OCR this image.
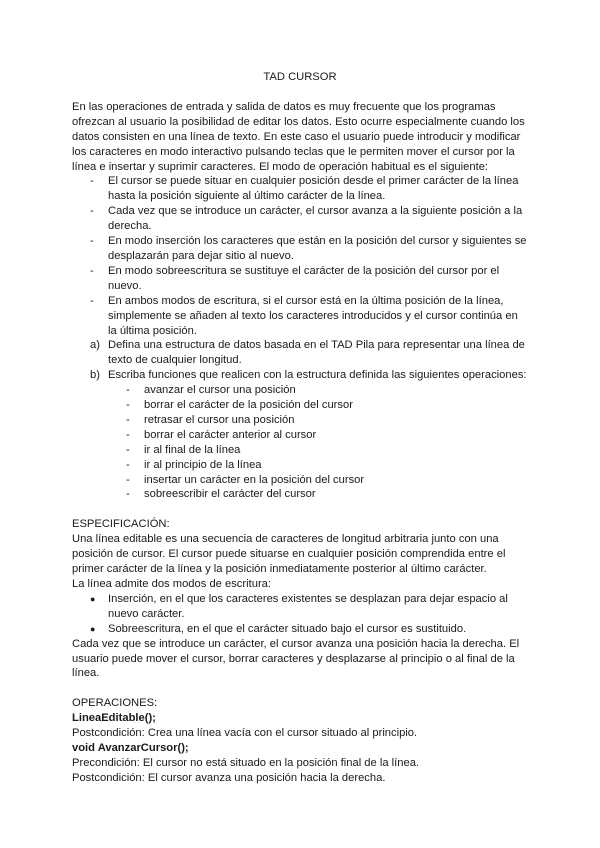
TAD CURSOR

En las operaciones de entrada y salida de datos es muy frecuente que los programas ofrezcan al usuario la posibilidad de editar los datos. Esto ocurre especialmente cuando los datos consisten en una línea de texto. En este caso el usuario puede introducir y modificar los caracteres en modo interactivo pulsando teclas que le permiten mover el cursor por la línea e insertar y suprimir caracteres. El modo de operación habitual es el siguiente:

- El cursor se puede situar en cualquier posición desde el primer carácter de la línea hasta la posición siguiente al último carácter de la línea.
- Cada vez que se introduce un carácter, el cursor avanza a la siguiente posición a la derecha.
- En modo inserción los caracteres que están en la posición del cursor y siguientes se desplazarán para dejar sitio al nuevo.
- En modo sobreescritura se sustituye el carácter de la posición del cursor por el nuevo.
- En ambos modos de escritura, si el cursor está en la última posición de la línea, simplemente se añaden al texto los caracteres introducidos y el cursor continúa en la última posición.
a) Defina una estructura de datos basada en el TAD Pila para representar una línea de texto de cualquier longitud.
b) Escriba funciones que realicen con la estructura definida las siguientes operaciones:
- avanzar el cursor una posición
- borrar el carácter de la posición del cursor
- retrasar el cursor una posición
- borrar el carácter anterior al cursor
- ir al final de la línea
- ir al principio de la línea
- insertar un carácter en la posición del cursor
- sobreescribir el carácter del cursor

ESPECIFICACIÓN:

Una línea editable es una secuencia de caracteres de longitud arbitraria junto con una posición de cursor. El cursor puede situarse en cualquier posición comprendida entre el primer carácter de la línea y la posición inmediatamente posterior al último carácter.

La línea admite dos modos de escritura:

● Inserción, en el que los caracteres existentes se desplazan para dejar espacio al nuevo carácter.
● Sobreescritura, en el que el carácter situado bajo el cursor es sustituido.

Cada vez que se introduce un carácter, el cursor avanza una posición hacia la derecha. El usuario puede mover el cursor, borrar caracteres y desplazarse al principio o al final de la línea.

OPERACIONES:

LineaEditable();

Postcondición: Crea una línea vacía con el cursor situado al principio.

void AvanzarCursor();

Precondición: El cursor no está situado en la posición final de la línea.

Postcondición: El cursor avanza una posición hacia la derecha.
